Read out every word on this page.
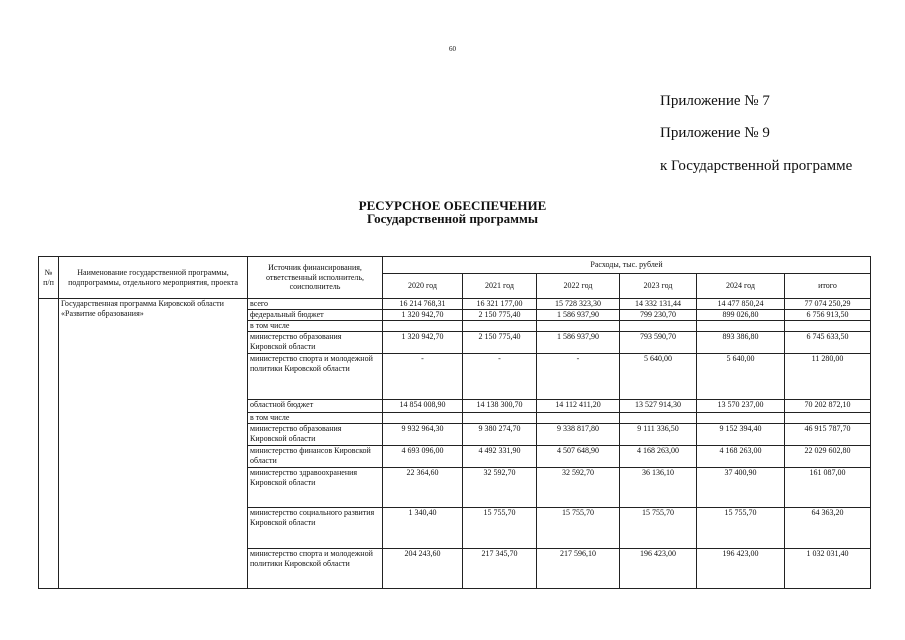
60
Приложение № 7
Приложение № 9
к Государственной программе
РЕСУРСНОЕ ОБЕСПЕЧЕНИЕ
Государственной программы
№ п/п	Наименование государственной программы, подпрограммы, отдельного мероприятия, проекта	Источник финансирования, ответственный исполнитель, соисполнитель	Расходы, тыс. рублей					
			2020 год	2021 год	2022 год	2023 год	2024 год	итого
	Государственная программа Кировской области «Развитие образования»	всего	16 214 768,31	16 321 177,00	15 728 323,30	14 332 131,44	14 477 850,24	77 074 250,29
		федеральный бюджет	1 320 942,70	2 150 775,40	1 586 937,90	799 230,70	899 026,80	6 756 913,50
		в том числе						
		министерство образования Кировской области	1 320 942,70	2 150 775,40	1 586 937,90	793 590,70	893 386,80	6 745 633,50
		министерство спорта и молодежной политики Кировской области	-	-	-	5 640,00	5 640,00	11 280,00
		областной бюджет	14 854 008,90	14 138 300,70	14 112 411,20	13 527 914,30	13 570 237,00	70 202 872,10
		в том числе						
		министерство образования Кировской области	9 932 964,30	9 380 274,70	9 338 817,80	9 111 336,50	9 152 394,40	46 915 787,70
		министерство финансов Кировской области	4 693 096,00	4 492 331,90	4 507 648,90	4 168 263,00	4 168 263,00	22 029 602,80
		министерство здравоохранения Кировской области	22 364,60	32 592,70	32 592,70	36 136,10	37 400,90	161 087,00
		министерство социального развития Кировской области	1 340,40	15 755,70	15 755,70	15 755,70	15 755,70	64 363,20
		министерство спорта и молодежной политики Кировской области	204 243,60	217 345,70	217 596,10	196 423,00	196 423,00	1 032 031,40
